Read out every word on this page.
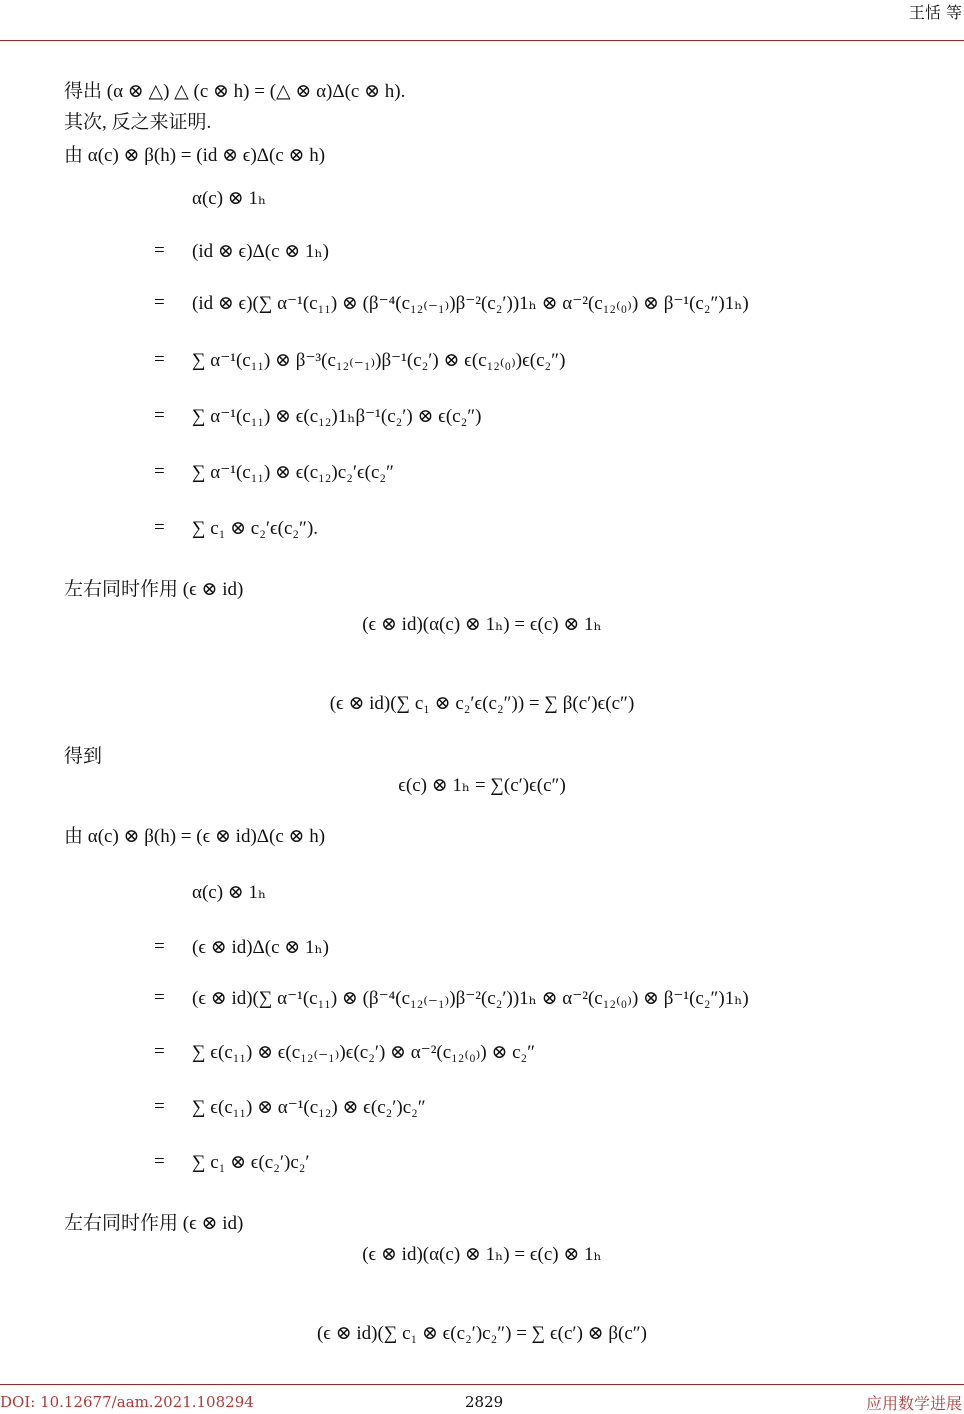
王恬 等
得出 (α ⊗ △) △ (c ⊗ h) = (△ ⊗ α)Δ(c ⊗ h).
其次, 反之来证明.
由 α(c) ⊗ β(h) = (id ⊗ ϵ)Δ(c ⊗ h)
α(c) ⊗ 1ₕ
= (id ⊗ ϵ)Δ(c ⊗ 1ₕ)
= (id ⊗ ϵ)(∑ α⁻¹(c₁₁) ⊗ (β⁻⁴(c₁₂₍₋₁₎)β⁻²(c₂′))1ₕ ⊗ α⁻²(c₁₂₍₀₎) ⊗ β⁻¹(c₂″)1ₕ)
= ∑ α⁻¹(c₁₁) ⊗ β⁻³(c₁₂₍₋₁₎)β⁻¹(c₂′) ⊗ ϵ(c₁₂₍₀₎)ϵ(c₂″)
= ∑ α⁻¹(c₁₁) ⊗ ϵ(c₁₂)1ₕβ⁻¹(c₂′) ⊗ ϵ(c₂″)
= ∑ α⁻¹(c₁₁) ⊗ ϵ(c₁₂)c₂′ϵ(c₂″
= ∑ c₁ ⊗ c₂′ϵ(c₂″).
左右同时作用 (ϵ ⊗ id)
(ϵ ⊗ id)(α(c) ⊗ 1ₕ) = ϵ(c) ⊗ 1ₕ
(ϵ ⊗ id)(∑ c₁ ⊗ c₂′ϵ(c₂″)) = ∑ β(c′)ϵ(c″)
得到
ϵ(c) ⊗ 1ₕ = ∑(c′)ϵ(c″)
由 α(c) ⊗ β(h) = (ϵ ⊗ id)Δ(c ⊗ h)
α(c) ⊗ 1ₕ
= (ϵ ⊗ id)Δ(c ⊗ 1ₕ)
= (ϵ ⊗ id)(∑ α⁻¹(c₁₁) ⊗ (β⁻⁴(c₁₂₍₋₁₎)β⁻²(c₂′))1ₕ ⊗ α⁻²(c₁₂₍₀₎) ⊗ β⁻¹(c₂″)1ₕ)
= ∑ ϵ(c₁₁) ⊗ ϵ(c₁₂₍₋₁₎)ϵ(c₂′) ⊗ α⁻²(c₁₂₍₀₎) ⊗ c₂″
= ∑ ϵ(c₁₁) ⊗ α⁻¹(c₁₂) ⊗ ϵ(c₂′)c₂″
= ∑ c₁ ⊗ ϵ(c₂′)c₂′
左右同时作用 (ϵ ⊗ id)
(ϵ ⊗ id)(α(c) ⊗ 1ₕ) = ϵ(c) ⊗ 1ₕ
(ϵ ⊗ id)(∑ c₁ ⊗ ϵ(c₂′)c₂″) = ∑ ϵ(c′) ⊗ β(c″)
DOI: 10.12677/aam.2021.108294	2829	应用数学进展
